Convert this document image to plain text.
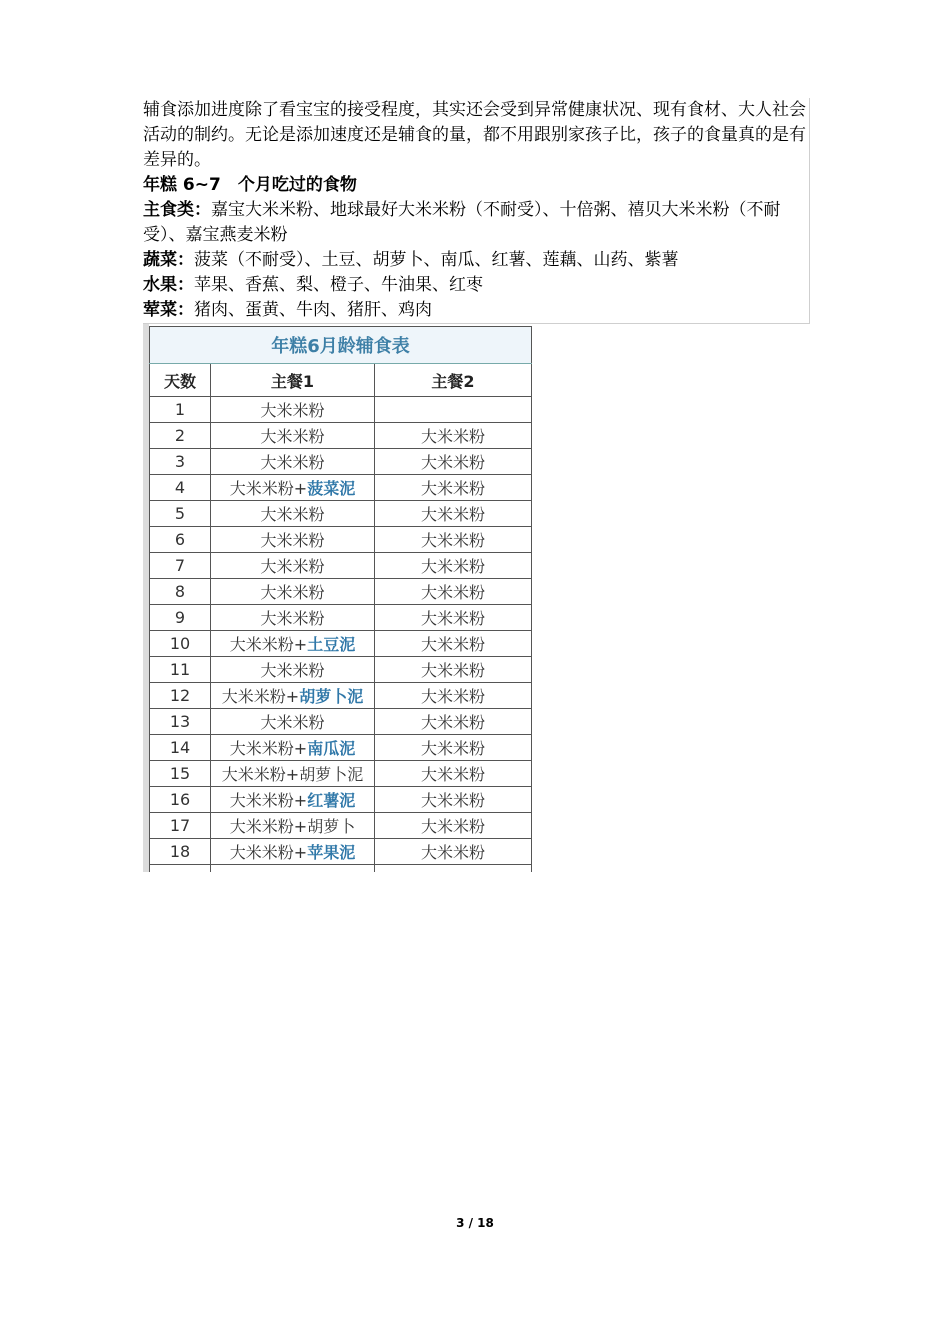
辅食添加进度除了看宝宝的接受程度，其实还会受到异常健康状况、现有食材、大人社会活动的制约。无论是添加速度还是辅食的量，都不用跟别家孩子比，孩子的食量真的是有差异的。

年糕 6~7　个月吃过的食物

主食类：嘉宝大米米粉、地球最好大米米粉（不耐受）、十倍粥、禧贝大米米粉（不耐受）、嘉宝燕麦米粉

蔬菜：菠菜（不耐受）、土豆、胡萝卜、南瓜、红薯、莲藕、山药、紫薯

水果：苹果、香蕉、梨、橙子、牛油果、红枣

荤菜：猪肉、蛋黄、牛肉、猪肝、鸡肉

年糕6月龄辅食表		
天数	主餐1	主餐2
1	大米米粉	
2	大米米粉	大米米粉
3	大米米粉	大米米粉
4	大米米粉+菠菜泥	大米米粉
5	大米米粉	大米米粉
6	大米米粉	大米米粉
7	大米米粉	大米米粉
8	大米米粉	大米米粉
9	大米米粉	大米米粉
10	大米米粉+土豆泥	大米米粉
11	大米米粉	大米米粉
12	大米米粉+胡萝卜泥	大米米粉
13	大米米粉	大米米粉
14	大米米粉+南瓜泥	大米米粉
15	大米米粉+胡萝卜泥	大米米粉
16	大米米粉+红薯泥	大米米粉
17	大米米粉+胡萝卜	大米米粉
18	大米米粉+苹果泥	大米米粉

3 / 18
